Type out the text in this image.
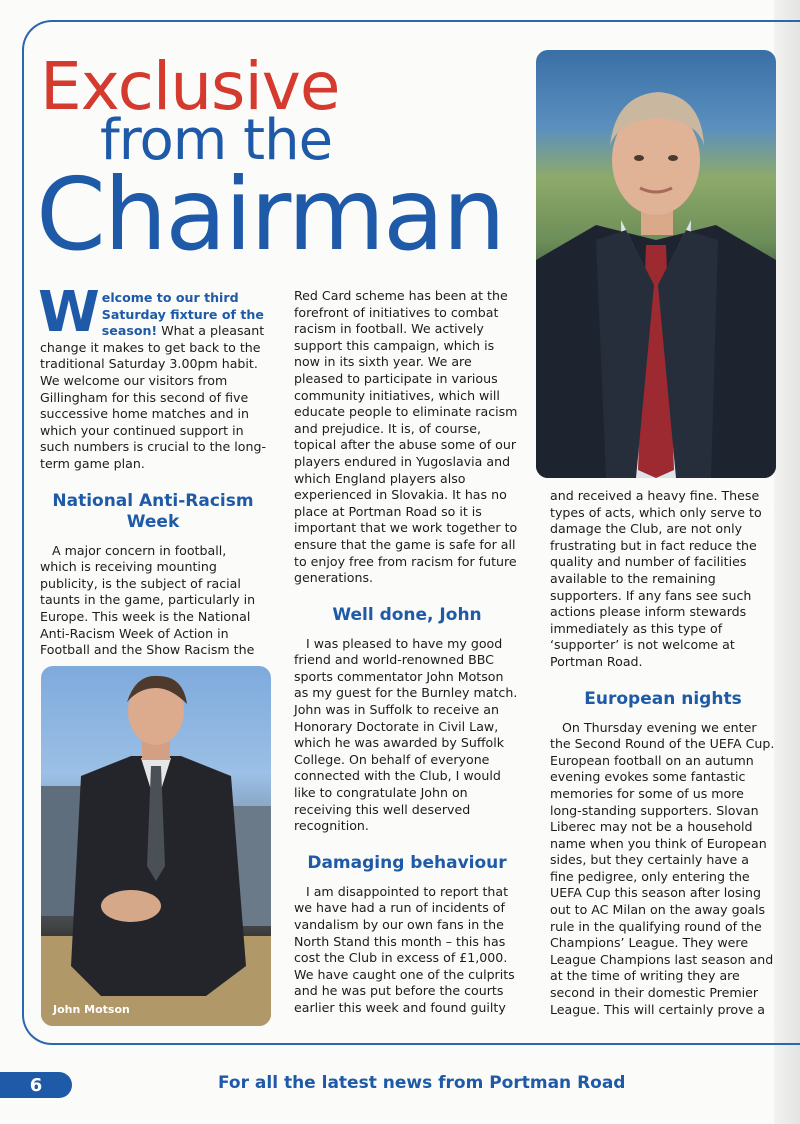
Exclusive
from the
Chairman
John Motson

Welcome to our third Saturday fixture of the season! What a pleasant change it makes to get back to the traditional Saturday 3.00pm habit. We welcome our visitors from Gillingham for this second of five successive home matches and in which your continued support in such numbers is crucial to the long-term game plan.

National Anti-Racism Week

A major concern in football, which is receiving mounting publicity, is the subject of racial taunts in the game, particularly in Europe. This week is the National Anti-Racism Week of Action in Football and the Show Racism the

Red Card scheme has been at the forefront of initiatives to combat racism in football. We actively support this campaign, which is now in its sixth year. We are pleased to participate in various community initiatives, which will educate people to eliminate racism and prejudice. It is, of course, topical after the abuse some of our players endured in Yugoslavia and which England players also experienced in Slovakia. It has no place at Portman Road so it is important that we work together to ensure that the game is safe for all to enjoy free from racism for future generations.

Well done, John

I was pleased to have my good friend and world-renowned BBC sports commentator John Motson as my guest for the Burnley match. John was in Suffolk to receive an Honorary Doctorate in Civil Law, which he was awarded by Suffolk College. On behalf of everyone connected with the Club, I would like to congratulate John on receiving this well deserved recognition.

Damaging behaviour

I am disappointed to report that we have had a run of incidents of vandalism by our own fans in the North Stand this month – this has cost the Club in excess of £1,000. We have caught one of the culprits and he was put before the courts earlier this week and found guilty

and received a heavy fine. These types of acts, which only serve to damage the Club, are not only frustrating but in fact reduce the quality and number of facilities available to the remaining supporters. If any fans see such actions please inform stewards immediately as this type of ‘supporter’ is not welcome at Portman Road.

European nights

On Thursday evening we enter the Second Round of the UEFA Cup. European football on an autumn evening evokes some fantastic memories for some of us more long-standing supporters. Slovan Liberec may not be a household name when you think of European sides, but they certainly have a fine pedigree, only entering the UEFA Cup this season after losing out to AC Milan on the away goals rule in the qualifying round of the Champions’ League. They were League Champions last season and at the time of writing they are second in their domestic Premier League. This will certainly prove a

6	For all the latest news from Portman Road
